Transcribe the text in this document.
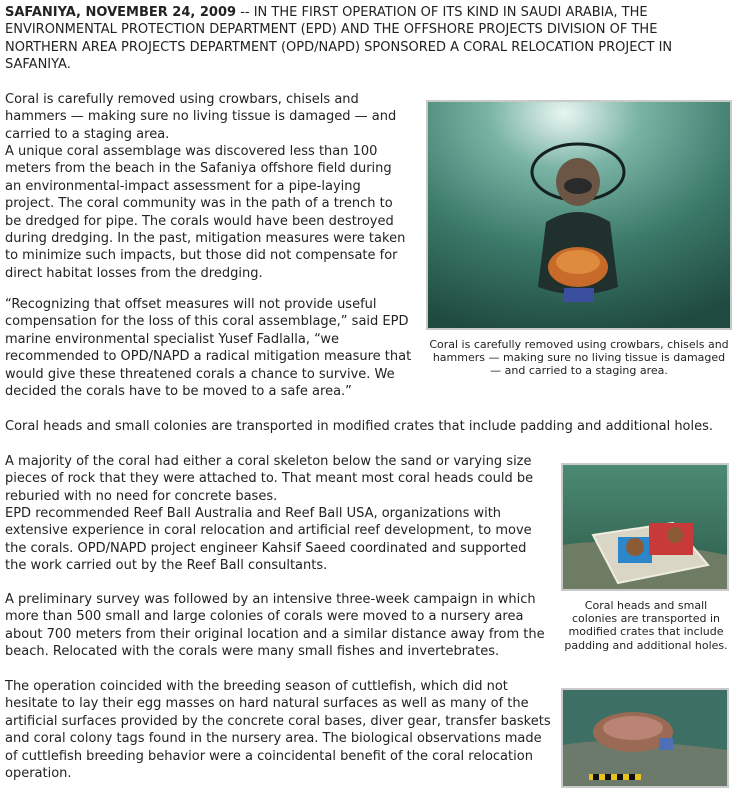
SAFANIYA, NOVEMBER 24, 2009 -- IN THE FIRST OPERATION OF ITS KIND IN SAUDI ARABIA, THE ENVIRONMENTAL PROTECTION DEPARTMENT (EPD) AND THE OFFSHORE PROJECTS DIVISION OF THE NORTHERN AREA PROJECTS DEPARTMENT (OPD/NAPD) SPONSORED A CORAL RELOCATION PROJECT IN SAFANIYA.

Coral is carefully removed using crowbars, chisels and hammers — making sure no living tissue is damaged — and carried to a staging area.

A unique coral assemblage was discovered less than 100 meters from the beach in the Safaniya offshore field during an environmental-impact assessment for a pipe-laying project. The coral community was in the path of a trench to be dredged for pipe. The corals would have been destroyed during dredging. In the past, mitigation measures were taken to minimize such impacts, but those did not compensate for direct habitat losses from the dredging.

“Recognizing that offset measures will not provide useful compensation for the loss of this coral assemblage,” said EPD marine environmental specialist Yusef Fadlalla, “we recommended to OPD/NAPD a radical mitigation measure that would give these threatened corals a chance to survive. We decided the corals have to be moved to a safe area.”

Coral is carefully removed using crowbars, chisels and hammers — making sure no living tissue is damaged — and carried to a staging area.

Coral heads and small colonies are transported in modified crates that include padding and additional holes.

A majority of the coral had either a coral skeleton below the sand or varying size pieces of rock that they were attached to. That meant most coral heads could be reburied with no need for concrete bases.

EPD recommended Reef Ball Australia and Reef Ball USA, organizations with extensive experience in coral relocation and artificial reef development, to move the corals. OPD/NAPD project engineer Kahsif Saeed coordinated and supported the work carried out by the Reef Ball consultants.

A preliminary survey was followed by an intensive three-week campaign in which more than 500 small and large colonies of corals were moved to a nursery area about 700 meters from their original location and a similar distance away from the beach. Relocated with the corals were many small fishes and invertebrates.

The operation coincided with the breeding season of cuttlefish, which did not hesitate to lay their egg masses on hard natural surfaces as well as many of the artificial surfaces provided by the concrete coral bases, diver gear, transfer baskets and coral colony tags found in the nursery area. The biological observations made of cuttlefish breeding behavior were a coincidental benefit of the coral relocation operation.

Coral heads and small colonies are transported in modified crates that include padding and additional holes.
